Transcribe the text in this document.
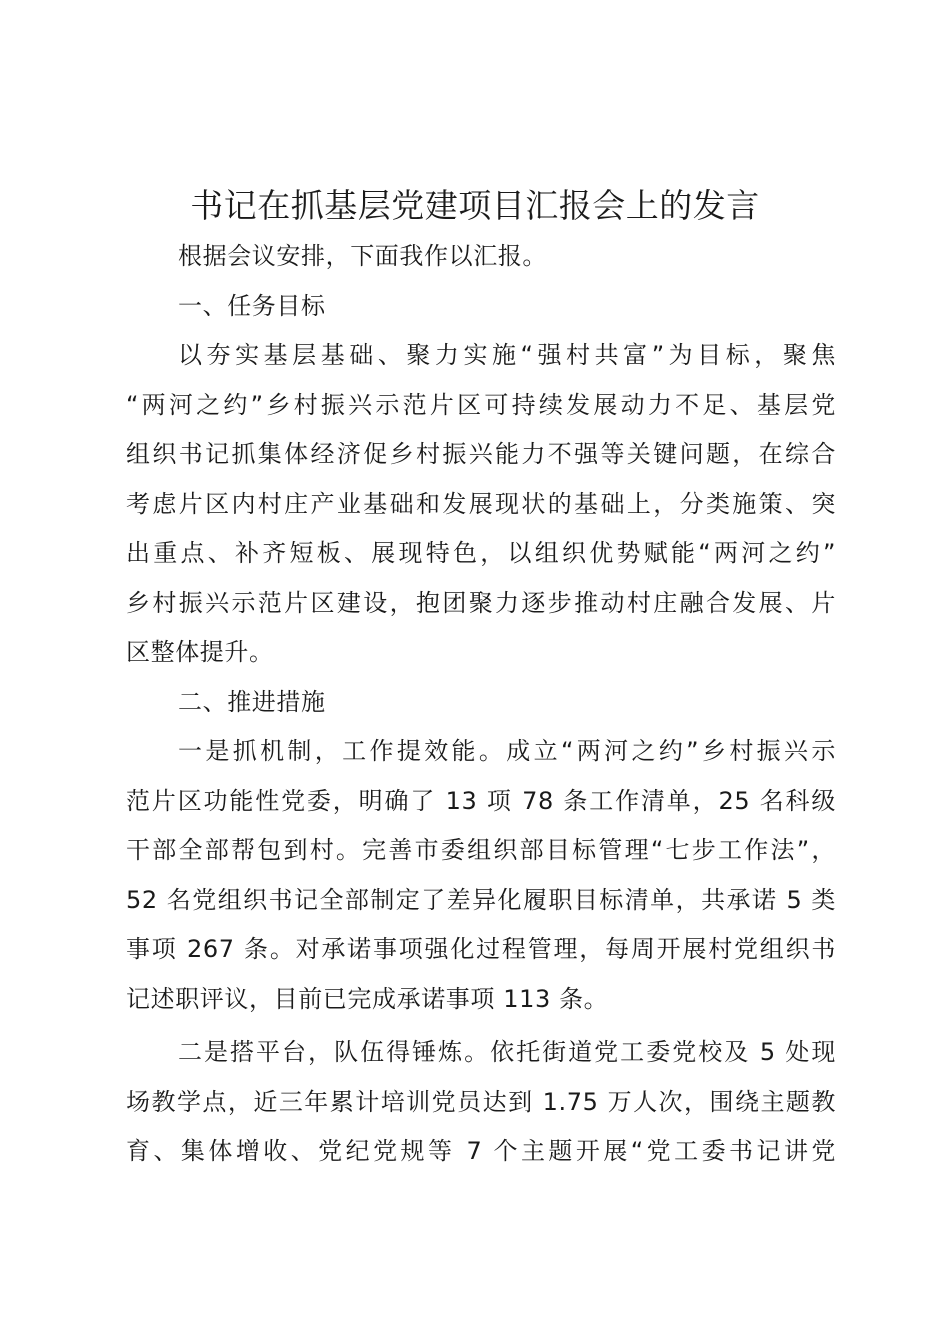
书记在抓基层党建项目汇报会上的发言
根据会议安排，下面我作以汇报。
一、任务目标
以夯实基层基础、聚力实施“强村共富”为目标，聚焦
“两河之约”乡村振兴示范片区可持续发展动力不足、基层党
组织书记抓集体经济促乡村振兴能力不强等关键问题，在综合
考虑片区内村庄产业基础和发展现状的基础上，分类施策、突
出重点、补齐短板、展现特色，以组织优势赋能“两河之约”
乡村振兴示范片区建设，抱团聚力逐步推动村庄融合发展、片
区整体提升。
二、推进措施
一是抓机制，工作提效能。成立“两河之约”乡村振兴示
范片区功能性党委，明确了 13 项 78 条工作清单，25 名科级
干部全部帮包到村。完善市委组织部目标管理“七步工作法”，
52 名党组织书记全部制定了差异化履职目标清单，共承诺 5 类
事项 267 条。对承诺事项强化过程管理，每周开展村党组织书
记述职评议，目前已完成承诺事项 113 条。
二是搭平台，队伍得锤炼。依托街道党工委党校及 5 处现
场教学点，近三年累计培训党员达到 1.75 万人次，围绕主题教
育、集体增收、党纪党规等 7 个主题开展“党工委书记讲党
